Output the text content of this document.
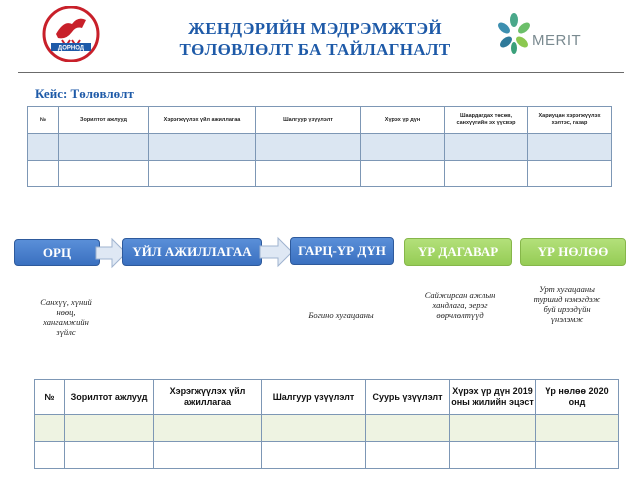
ДОРНОД
ЖЕНДЭРИЙН МЭДРЭМЖТЭЙ
ТӨЛӨВЛӨЛТ БА ТАЙЛАГНАЛТ	MERIT
Кейс: Төлөвлөлт
№	Зорилтот ажлууд	Хэрэгжүүлэх үйл ажиллагаа	Шалгуур үзүүлэлт	Хүрэх үр дүн	Шаардагдах төсөв, санхүүгийн эх үүсвэр	Хариуцан хэрэгжүүлэх хэлтэс, газар

ОРЦ	ҮЙЛ АЖИЛЛАГАА	ГАРЦ-ҮР ДҮН	ҮР ДАГАВАР	ҮР НӨЛӨӨ
Санхүү, хүний нөөц, хангамжийн зүйлс
Богино хугацааны
Сайжирсан ажлын хандлага, эерэг өөрчлөлтүүд
Урт хугацааны туршид нэмэгдэж буй ирээдүйн үнэлэмж
№	Зорилтот ажлууд	Хэрэгжүүлэх үйл ажиллагаа	Шалгуур үзүүлэлт	Суурь үзүүлэлт	Хүрэх үр дүн 2019 оны жилийн эцэст	Үр нөлөө 2020 онд
